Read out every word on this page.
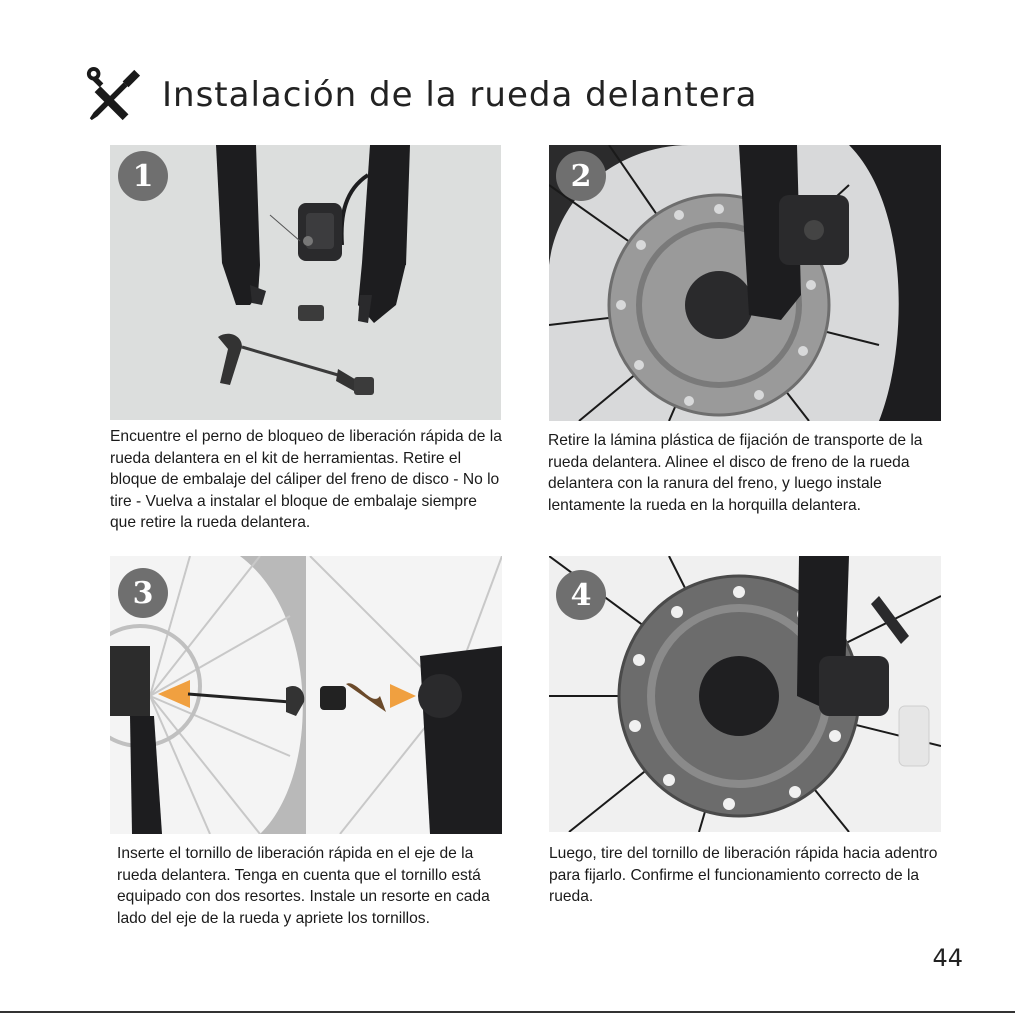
Instalación de la rueda delantera
1	2
3	4

Encuentre el perno de bloqueo de liberación rápida de la rueda delantera en el kit de herramientas. Retire el bloque de embalaje del cáliper del freno de disco - No lo tire - Vuelva a instalar el bloque de embalaje siempre que retire la rueda delantera.

Retire la lámina plástica de fijación de transporte de la rueda delantera. Alinee el disco de freno de la rueda delantera con la ranura del freno, y luego instale lentamente la rueda en la horquilla delantera.

Inserte el tornillo de liberación rápida en el eje de la rueda delantera. Tenga en cuenta que el tornillo está equipado con dos resortes. Instale un resorte en cada lado del eje de la rueda y apriete los tornillos.

Luego, tire del tornillo de liberación rápida hacia adentro para fijarlo. Confirme el funcionamiento correcto de la rueda.

44
